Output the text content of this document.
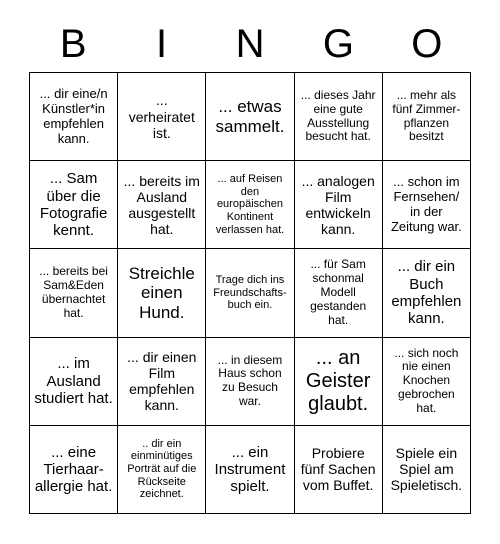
B	I	N	G	O
... dir eine/n Künstler*in empfehlen kann.	... verheiratet ist.	... etwas sammelt.	... dieses Jahr eine gute Ausstellung besucht hat.	... mehr als fünf Zimmer-pflanzen besitzt
... Sam über die Fotografie kennt.	... bereits im Ausland ausgestellt hat.	... auf Reisen den europäischen Kontinent verlassen hat.	... analogen Film entwickeln kann.	... schon im Fernsehen/ in der Zeitung war.
... bereits bei Sam&Eden übernachtet hat.	Streichle einen Hund.	Trage dich ins Freundschafts-buch ein.	... für Sam schonmal Modell gestanden hat.	... dir ein Buch empfehlen kann.
... im Ausland studiert hat.	... dir einen Film empfehlen kann.	... in diesem Haus schon zu Besuch war.	... an Geister glaubt.	... sich noch nie einen Knochen gebrochen hat.
... eine Tierhaar-allergie hat.	.. dir ein einminütiges Porträt auf die Rückseite zeichnet.	... ein Instrument spielt.	Probiere fünf Sachen vom Buffet.	Spiele ein Spiel am Spieletisch.
